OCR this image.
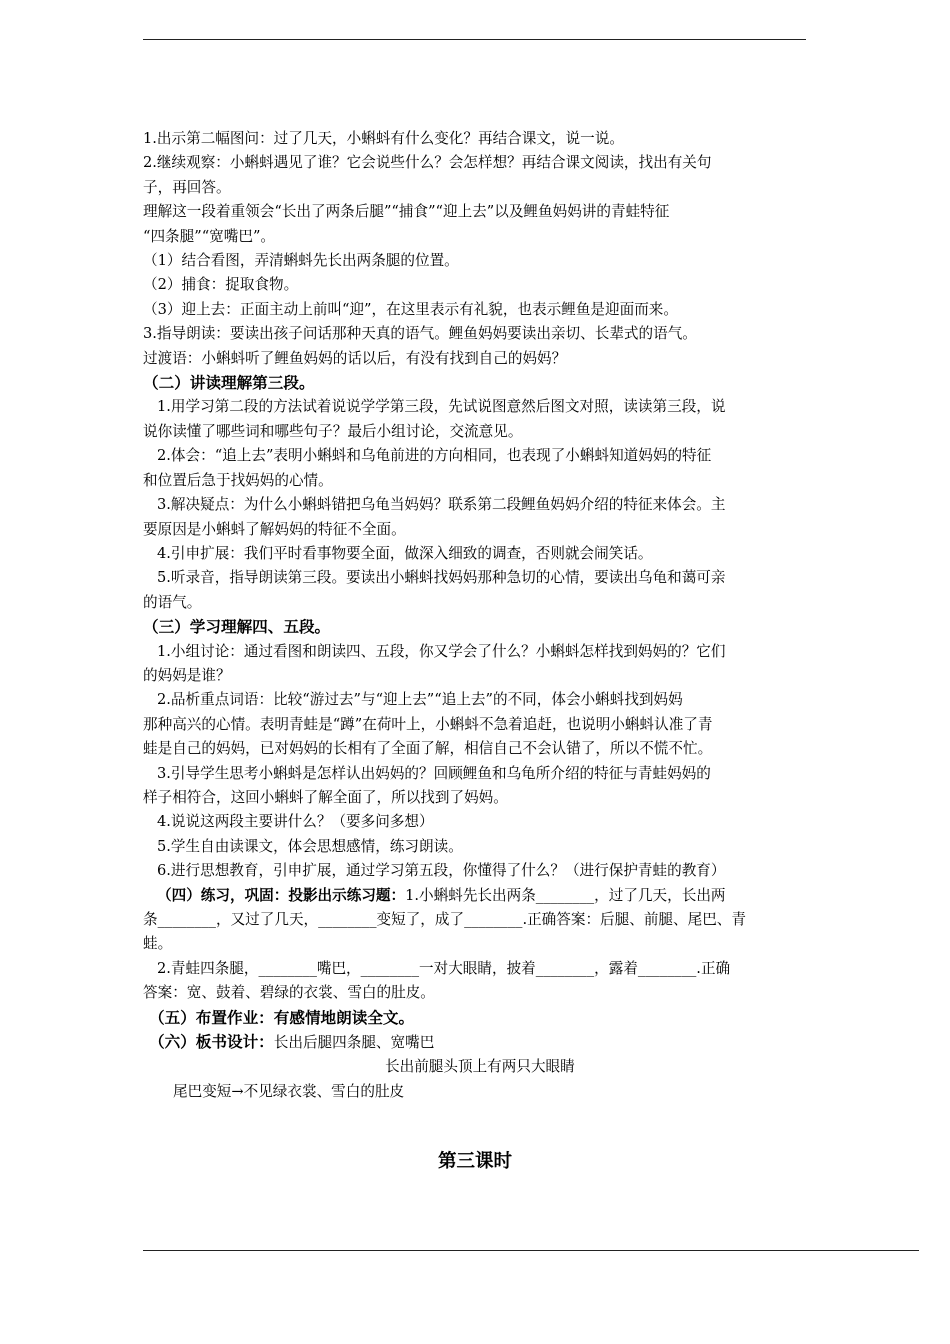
1.出示第二幅图问：过了几天，小蝌蚪有什么变化？再结合课文，说一说。

2.继续观察：小蝌蚪遇见了谁？它会说些什么？会怎样想？再结合课文阅读，找出有关句

子，再回答。

理解这一段着重领会“长出了两条后腿”“捕食”“迎上去”以及鲤鱼妈妈讲的青蛙特征

“四条腿”“宽嘴巴”。

（1）结合看图，弄清蝌蚪先长出两条腿的位置。

（2）捕食：捉取食物。

（3）迎上去：正面主动上前叫“迎”，在这里表示有礼貌，也表示鲤鱼是迎面而来。

3.指导朗读：要读出孩子问话那种天真的语气。鲤鱼妈妈要读出亲切、长辈式的语气。

过渡语：小蝌蚪听了鲤鱼妈妈的话以后，有没有找到自己的妈妈？

（二）讲读理解第三段。

1.用学习第二段的方法试着说说学学第三段，先试说图意然后图文对照，读读第三段，说

说你读懂了哪些词和哪些句子？最后小组讨论，交流意见。

2.体会：“追上去”表明小蝌蚪和乌龟前进的方向相同，也表现了小蝌蚪知道妈妈的特征

和位置后急于找妈妈的心情。

3.解决疑点：为什么小蝌蚪错把乌龟当妈妈？联系第二段鲤鱼妈妈介绍的特征来体会。主

要原因是小蝌蚪了解妈妈的特征不全面。

4.引申扩展：我们平时看事物要全面，做深入细致的调查，否则就会闹笑话。

5.听录音，指导朗读第三段。要读出小蝌蚪找妈妈那种急切的心情，要读出乌龟和蔼可亲

的语气。

（三）学习理解四、五段。

1.小组讨论：通过看图和朗读四、五段，你又学会了什么？小蝌蚪怎样找到妈妈的？它们

的妈妈是谁？

2.品析重点词语：比较“游过去”与“迎上去”“追上去”的不同，体会小蝌蚪找到妈妈

那种高兴的心情。表明青蛙是“蹲”在荷叶上，小蝌蚪不急着追赶，也说明小蝌蚪认准了青

蛙是自己的妈妈，已对妈妈的长相有了全面了解，相信自己不会认错了，所以不慌不忙。

3.引导学生思考小蝌蚪是怎样认出妈妈的？回顾鲤鱼和乌龟所介绍的特征与青蛙妈妈的

样子相符合，这回小蝌蚪了解全面了，所以找到了妈妈。

4.说说这两段主要讲什么？（要多问多想）

5.学生自由读课文，体会思想感情，练习朗读。

6.进行思想教育，引申扩展，通过学习第五段，你懂得了什么？（进行保护青蛙的教育）

（四）练习，巩固：投影出示练习题：1.小蝌蚪先长出两条________，过了几天，长出两

条________，又过了几天，________变短了，成了________.正确答案：后腿、前腿、尾巴、青

蛙。

2.青蛙四条腿，________嘴巴，________一对大眼睛，披着________，露着________.正确

答案：宽、鼓着、碧绿的衣裳、雪白的肚皮。

（五）布置作业：有感情地朗读全文。

（六）板书设计：长出后腿四条腿、宽嘴巴

长出前腿头顶上有两只大眼睛

尾巴变短→不见绿衣裳、雪白的肚皮

第三课时
